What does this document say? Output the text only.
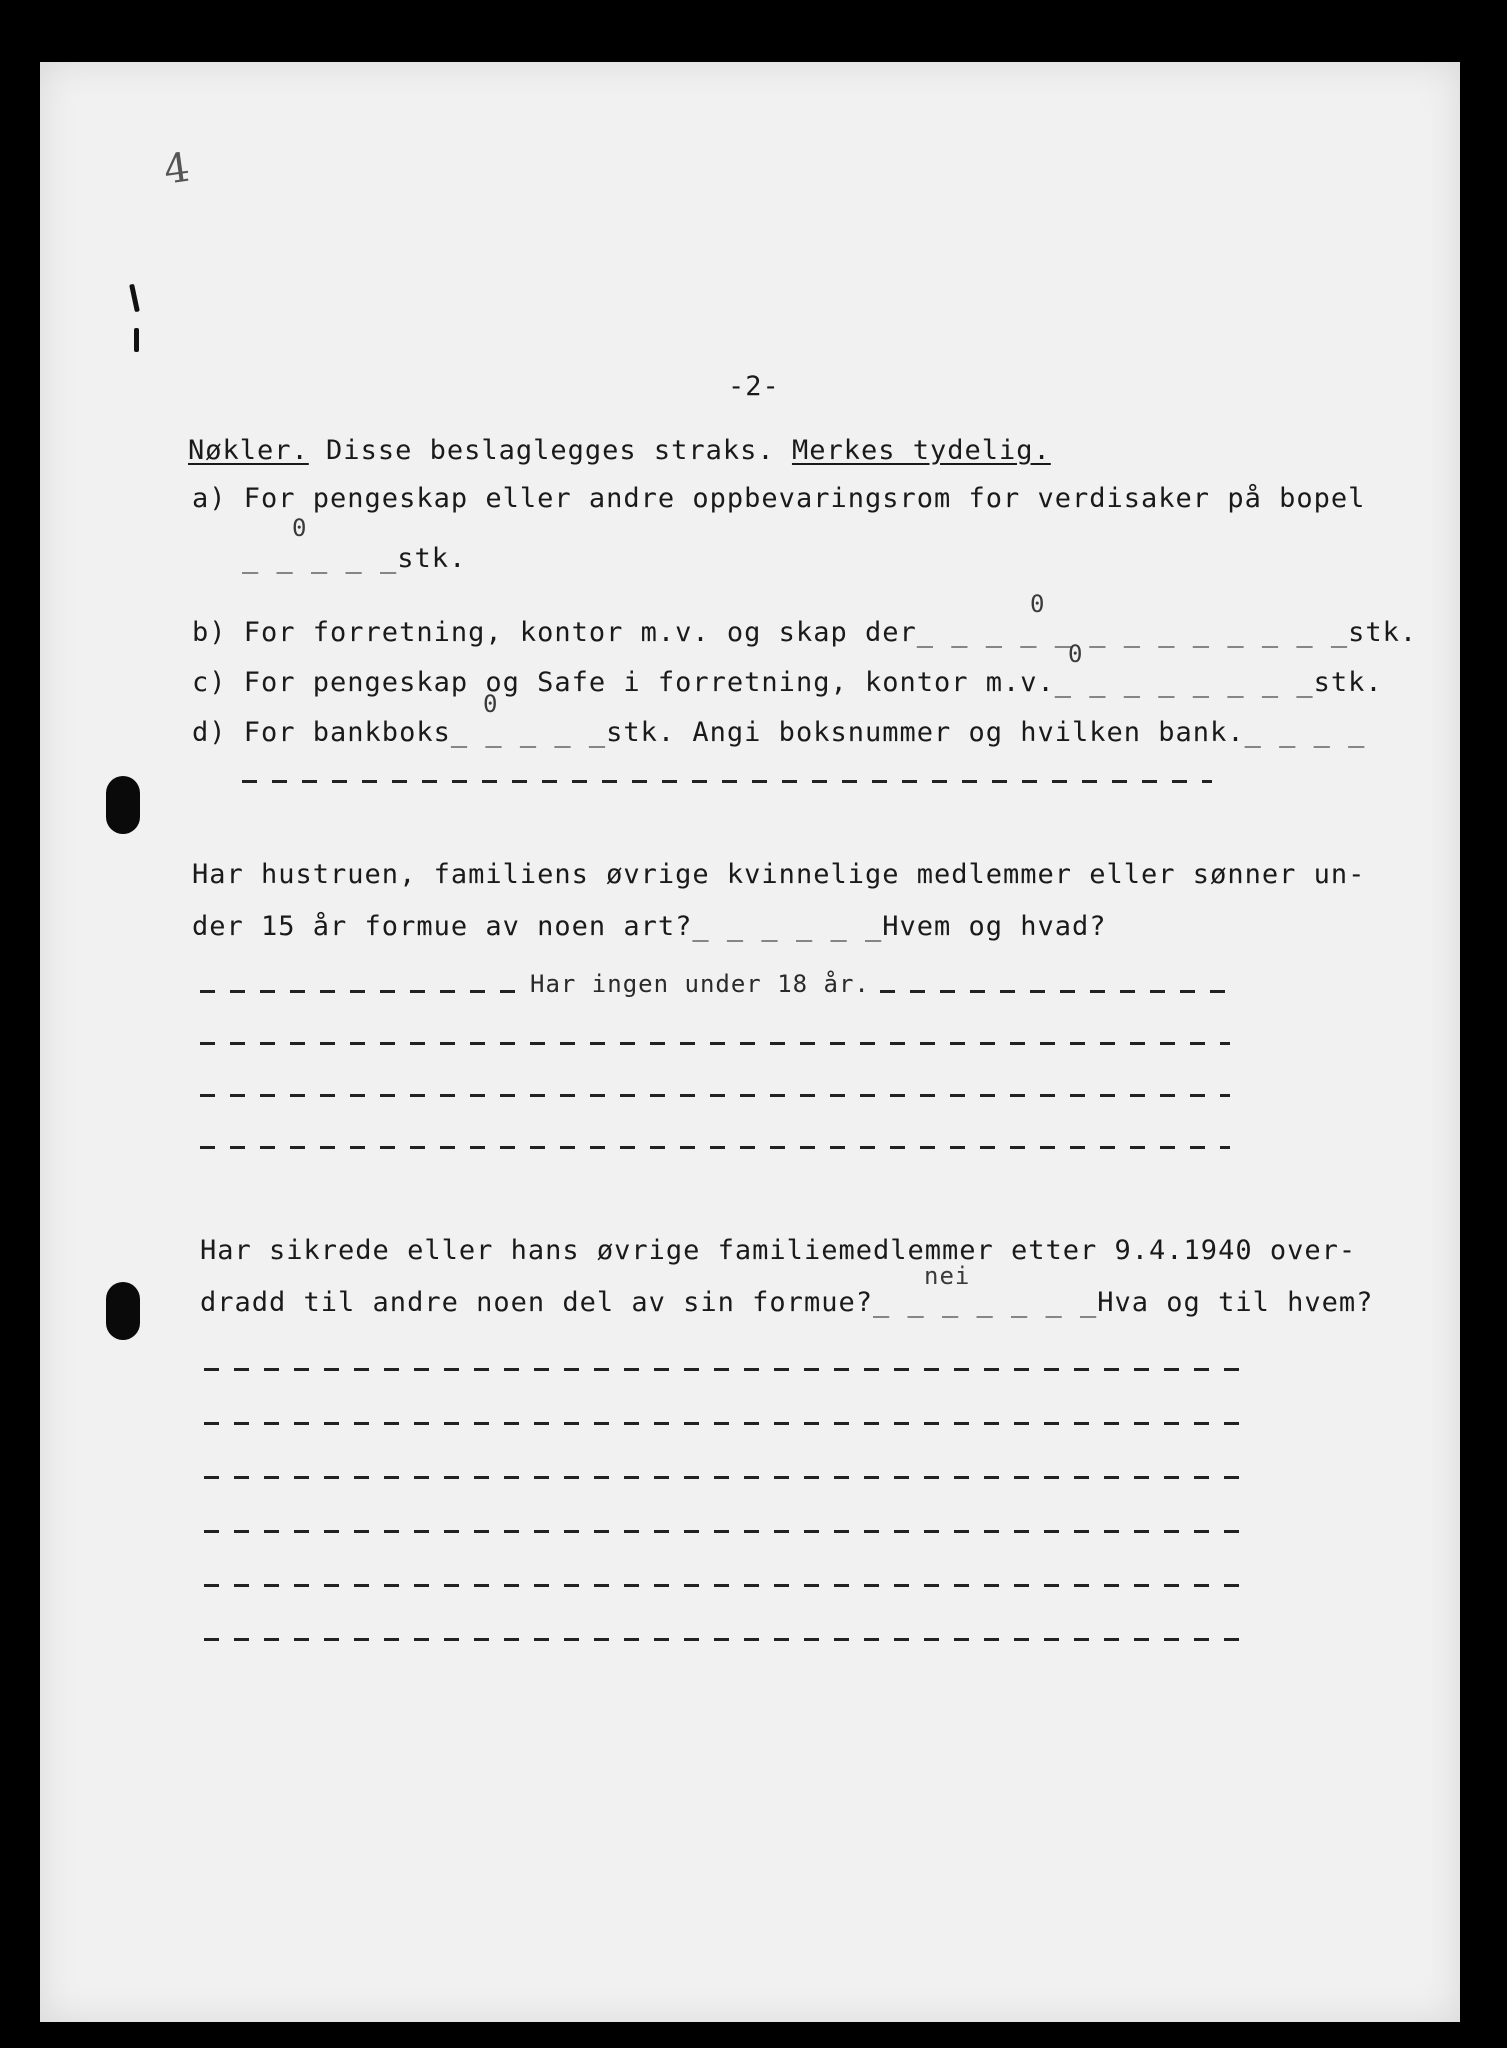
4
-2-
Nøkler. Disse beslaglegges straks. Merkes tydelig.
a) For pengeskap eller andre oppbevaringsrom for verdisaker på bopel
0
_ _ _ _ _stk.
0
b) For forretning, kontor m.v. og skap der_ _ _ _ _ _ _ _ _ _ _ _ _stk.
0
c) For pengeskap og Safe i forretning, kontor m.v._ _ _ _ _ _ _ _stk.
0
d) For bankboks_ _ _ _ _stk. Angi boksnummer og hvilken bank._ _ _ _
Har hustruen, familiens øvrige kvinnelige medlemmer eller sønner un-
der 15 år formue av noen art?_ _ _ _ _ _Hvem og hvad?
Har ingen under 18 år.
Har sikrede eller hans øvrige familiemedlemmer etter 9.4.1940 over-
nei
dradd til andre noen del av sin formue?_ _ _ _ _ _ _Hva og til hvem?
